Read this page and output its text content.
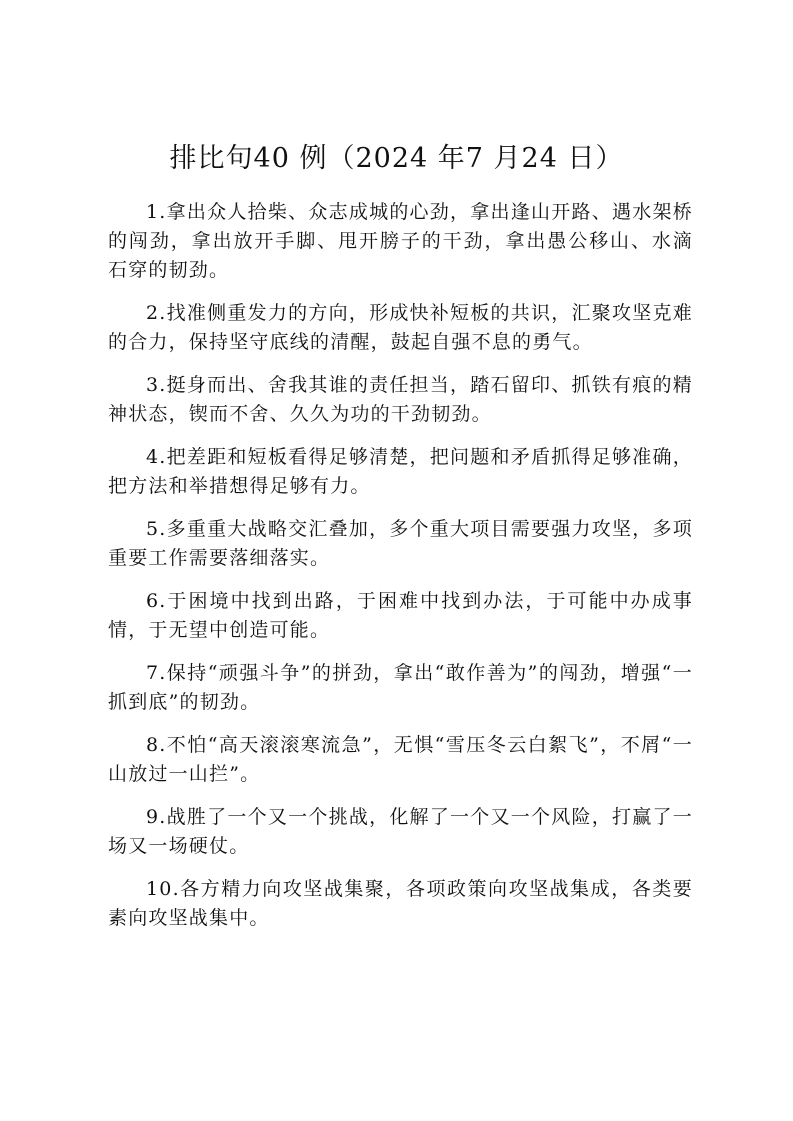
排比句40 例（2024 年7 月24 日）

1.拿出众人拾柴、众志成城的心劲，拿出逢山开路、遇水架桥的闯劲，拿出放开手脚、甩开膀子的干劲，拿出愚公移山、水滴石穿的韧劲。

2.找准侧重发力的方向，形成快补短板的共识，汇聚攻坚克难的合力，保持坚守底线的清醒，鼓起自强不息的勇气。

3.挺身而出、舍我其谁的责任担当，踏石留印、抓铁有痕的精神状态，锲而不舍、久久为功的干劲韧劲。

4.把差距和短板看得足够清楚，把问题和矛盾抓得足够准确，把方法和举措想得足够有力。

5.多重重大战略交汇叠加，多个重大项目需要强力攻坚，多项重要工作需要落细落实。

6.于困境中找到出路，于困难中找到办法，于可能中办成事情，于无望中创造可能。

7.保持“顽强斗争”的拼劲，拿出“敢作善为”的闯劲，增强“一抓到底”的韧劲。

8.不怕“高天滚滚寒流急”，无惧“雪压冬云白絮飞”，不屑“一山放过一山拦”。

9.战胜了一个又一个挑战，化解了一个又一个风险，打赢了一场又一场硬仗。

10.各方精力向攻坚战集聚，各项政策向攻坚战集成，各类要素向攻坚战集中。
